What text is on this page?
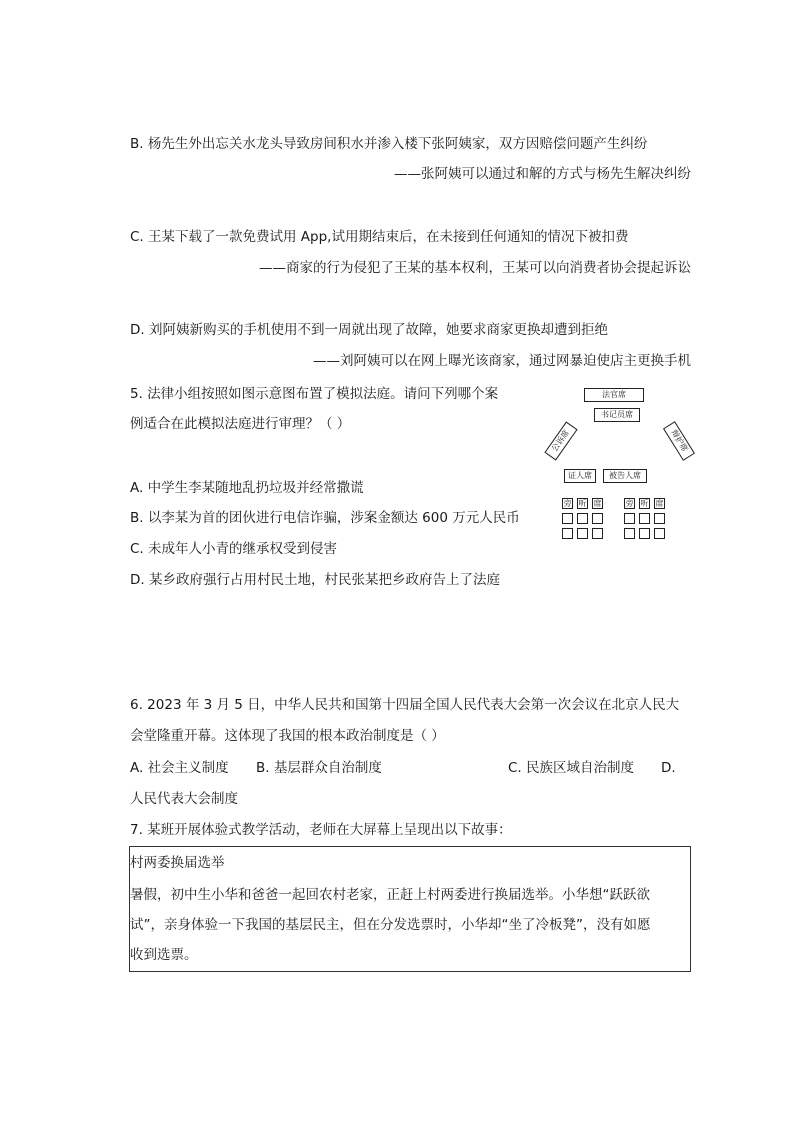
B. 杨先生外出忘关水龙头导致房间积水并渗入楼下张阿姨家，双方因赔偿问题产生纠纷
——张阿姨可以通过和解的方式与杨先生解决纠纷
C. 王某下载了一款免费试用 App,试用期结束后，在未接到任何通知的情况下被扣费
——商家的行为侵犯了王某的基本权利，王某可以向消费者协会提起诉讼
D. 刘阿姨新购买的手机使用不到一周就出现了故障，她要求商家更换却遭到拒绝
——刘阿姨可以在网上曝光该商家，通过网暴迫使店主更换手机
5. 法律小组按照如图示意图布置了模拟法庭。请问下列哪个案
例适合在此模拟法庭进行审理？（ ）
A. 中学生李某随地乱扔垃圾并经常撒谎
B. 以李某为首的团伙进行电信诈骗，涉案金额达 600 万元人民币
C. 未成年人小青的继承权受到侵害
D. 某乡政府强行占用村民土地，村民张某把乡政府告上了法庭
法官席
书记员席
公诉席	辩护席
证人席	被告人席
旁 听 席	旁 听 席
6. 2023 年 3 月 5 日，中华人民共和国第十四届全国人民代表大会第一次会议在北京人民大
会堂隆重开幕。这体现了我国的根本政治制度是（ ）
A. 社会主义制度 B. 基层群众自治制度	C. 民族区域自治制度 D.
人民代表大会制度
7. 某班开展体验式教学活动，老师在大屏幕上呈现出以下故事：
村两委换届选举
暑假，初中生小华和爸爸一起回农村老家，正赶上村两委进行换届选举。小华想“跃跃欲
试”，亲身体验一下我国的基层民主，但在分发选票时，小华却“坐了冷板凳”，没有如愿
收到选票。
